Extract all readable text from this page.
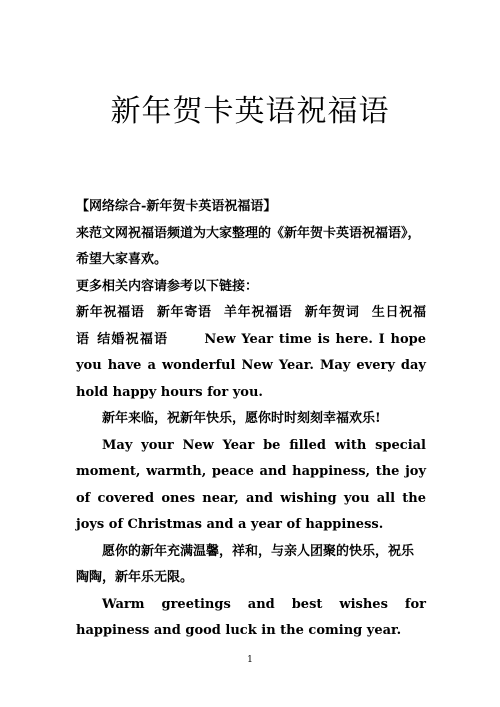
新年贺卡英语祝福语

【网络综合-新年贺卡英语祝福语】

来范文网祝福语频道为大家整理的《新年贺卡英语祝福语》，希望大家喜欢。

更多相关内容请参考以下链接：

新年祝福语 新年寄语 羊年祝福语 新年贺词 生日祝福语 结婚祝福语	New Year time is here. I hope you have a wonderful New Year. May every day hold happy hours for you.

新年来临，祝新年快乐，愿你时时刻刻幸福欢乐!

May your New Year be filled with special moment, warmth, peace and happiness, the joy of covered ones near, and wishing you all the joys of Christmas and a year of happiness.

愿你的新年充满温馨，祥和，与亲人团聚的快乐，祝乐陶陶，新年乐无限。

Warm greetings and best wishes for happiness and good luck in the coming year.

1
